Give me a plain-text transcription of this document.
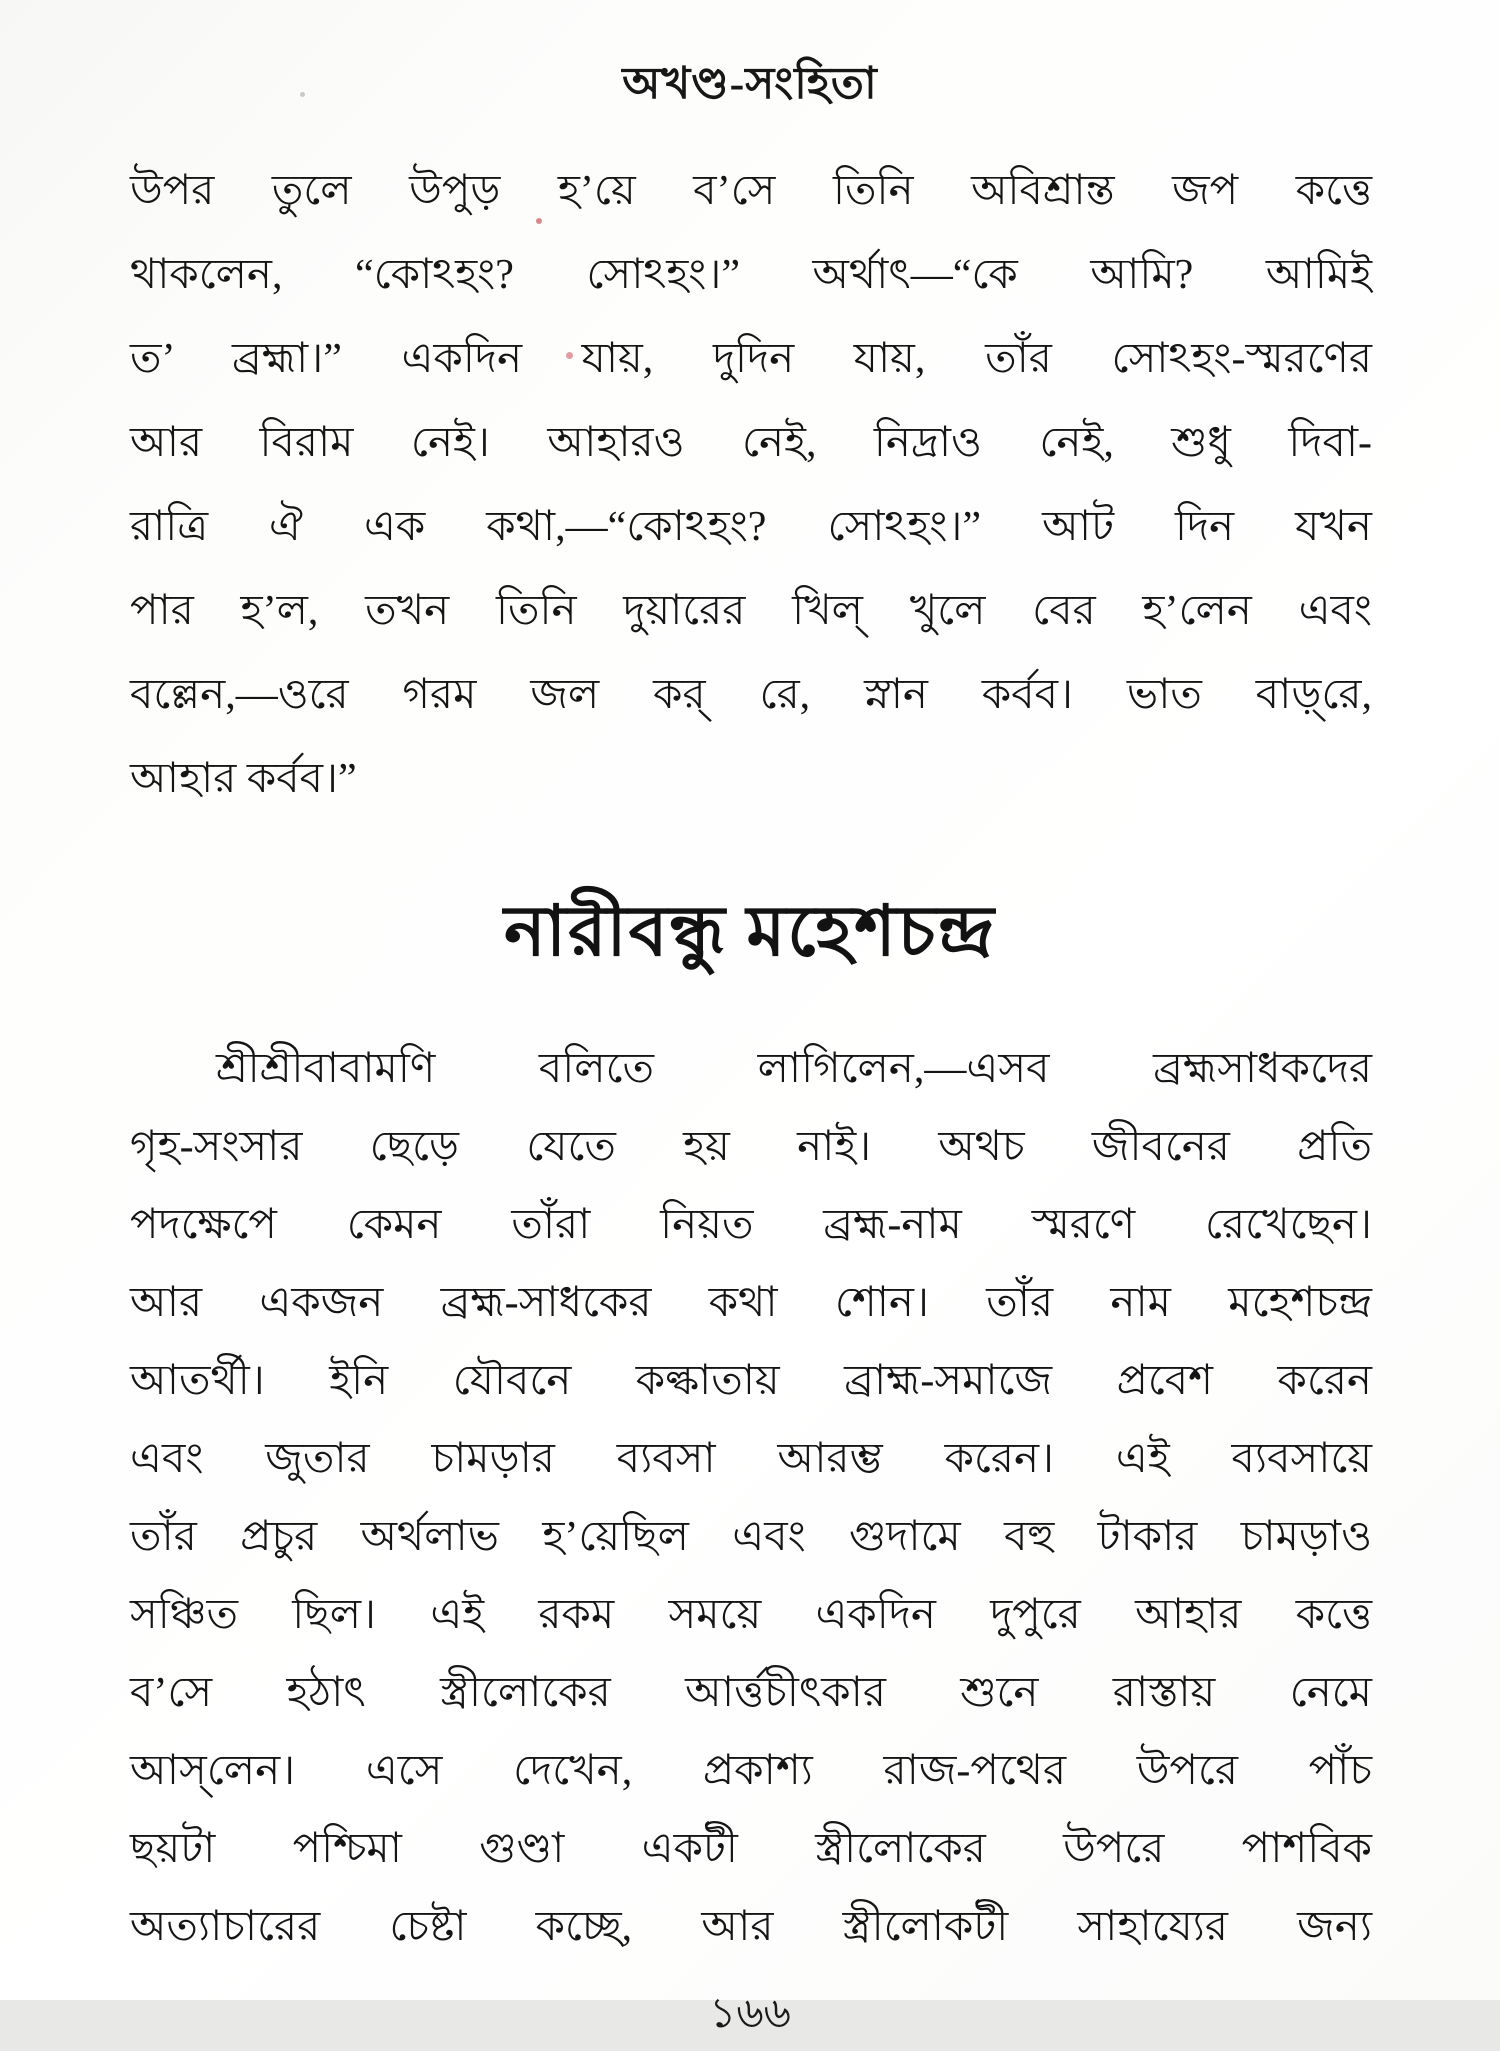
অখণ্ড-সংহিতা
উপর তুলে উপুড় হ’য়ে ব’সে তিনি অবিশ্রান্ত জপ কত্তে
থাকলেন, “কোঽহং? সোঽহং।” অর্থাৎ—“কে আমি? আমিই
ত’ ব্রহ্মা।” একদিন যায়, দুদিন যায়, তাঁর সোঽহং-স্মরণের
আর বিরাম নেই। আহারও নেই, নিদ্রাও নেই, শুধু দিবা-
রাত্রি ঐ এক কথা,—“কোঽহং? সোঽহং।” আট দিন যখন
পার হ’ল, তখন তিনি দুয়ারের খিল্ খুলে বের হ’লেন এবং
বল্লেন,—ওরে গরম জল কর্ রে, স্নান কর্বব। ভাত বাড়্‌রে,
আহার কর্বব।”
নারীবন্ধু মহেশচন্দ্র
শ্রীশ্রীবাবামণি বলিতে লাগিলেন,—এসব ব্রহ্মসাধকদের
গৃহ-সংসার ছেড়ে যেতে হয় নাই। অথচ জীবনের প্রতি
পদক্ষেপে কেমন তাঁরা নিয়ত ব্রহ্ম-নাম স্মরণে রেখেছেন।
আর একজন ব্রহ্ম-সাধকের কথা শোন। তাঁর নাম মহেশচন্দ্র
আতর্থী। ইনি যৌবনে কল্কাতায় ব্রাহ্ম-সমাজে প্রবেশ করেন
এবং জুতার চামড়ার ব্যবসা আরম্ভ করেন। এই ব্যবসায়ে
তাঁর প্রচুর অর্থলাভ হ’য়েছিল এবং গুদামে বহু টাকার চামড়াও
সঞ্চিত ছিল। এই রকম সময়ে একদিন দুপুরে আহার কত্তে
ব’সে হঠাৎ স্ত্রীলোকের আর্ত্তচীৎকার শুনে রাস্তায় নেমে
আস্‌লেন। এসে দেখেন, প্রকাশ্য রাজ-পথের উপরে পাঁচ
ছয়টা পশ্চিমা গুণ্ডা একটী স্ত্রীলোকের উপরে পাশবিক
অত্যাচারের চেষ্টা কচ্ছে, আর স্ত্রীলোকটী সাহায্যের জন্য
১৬৬
